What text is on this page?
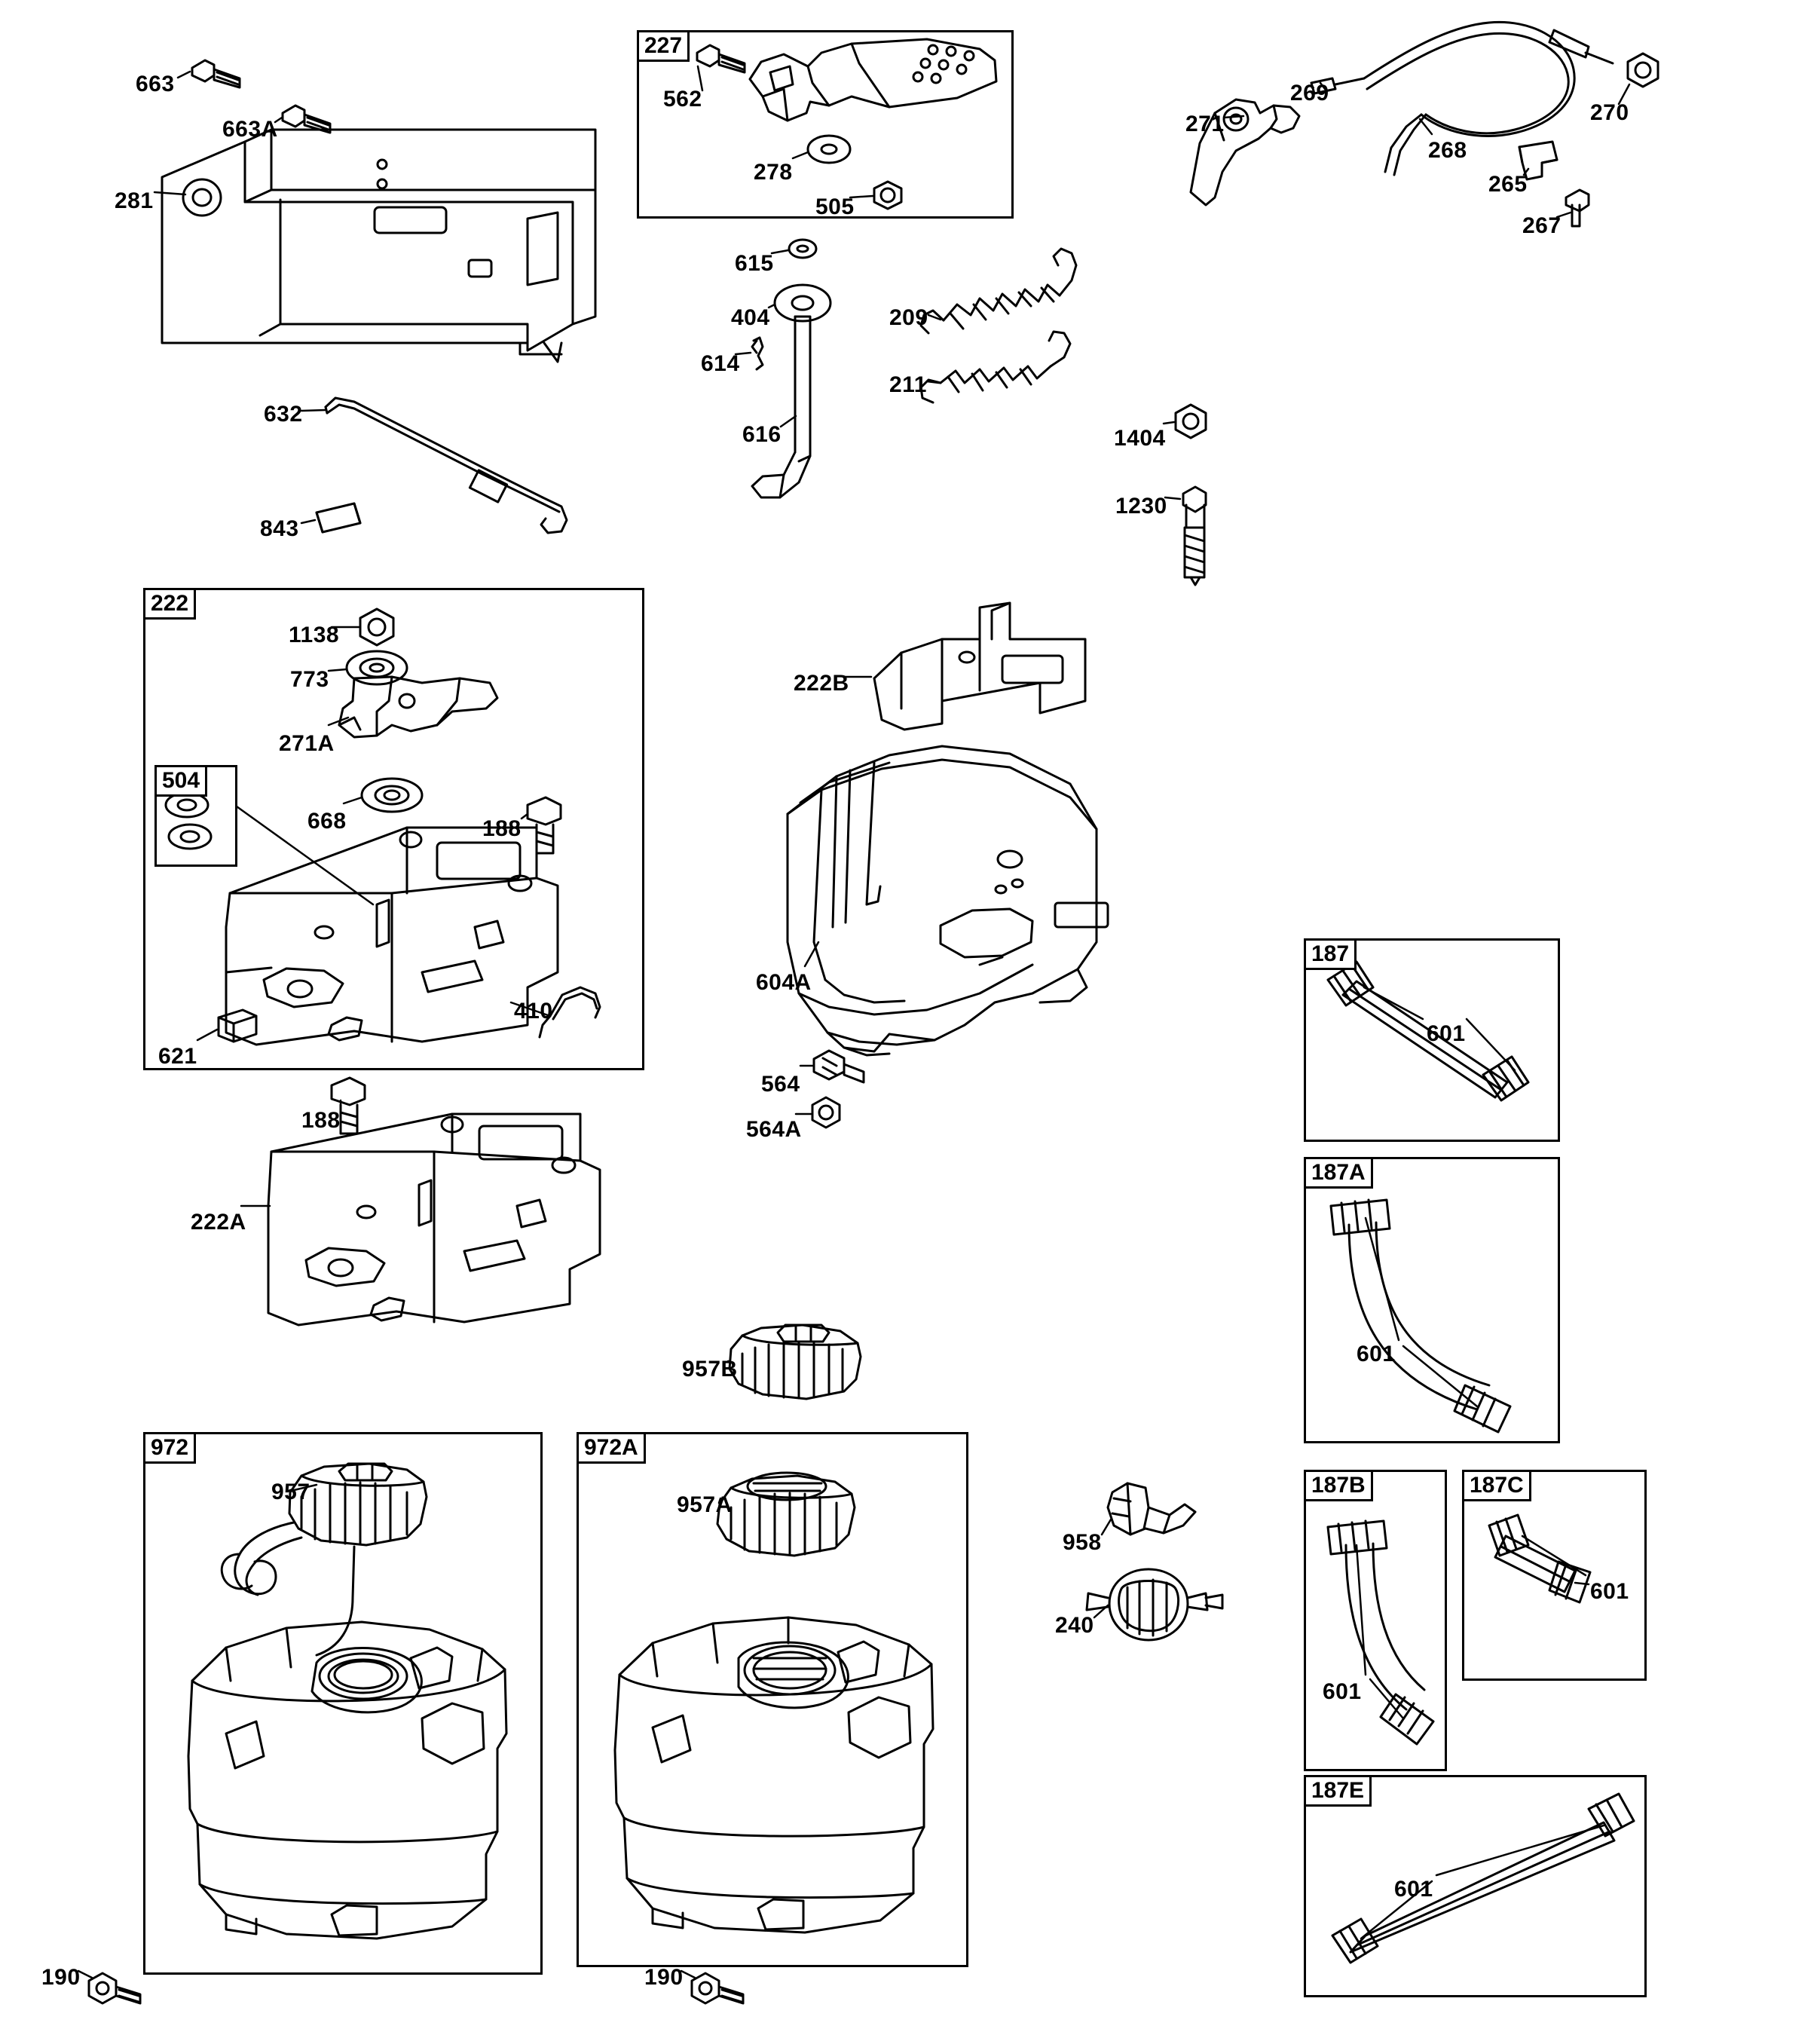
227
222
504
187
187A
187B	187C
187E
972	972A
663
663A
281
632
843
562
278
505
615
404
614
616
209
211
269
271
268
270
265
267
1404
1230
1138
773
271A
668	188
410
621
188
222A
222B
604A
564
564A
601
601
601
601
601
957B
957
957A
958
240
190	190
